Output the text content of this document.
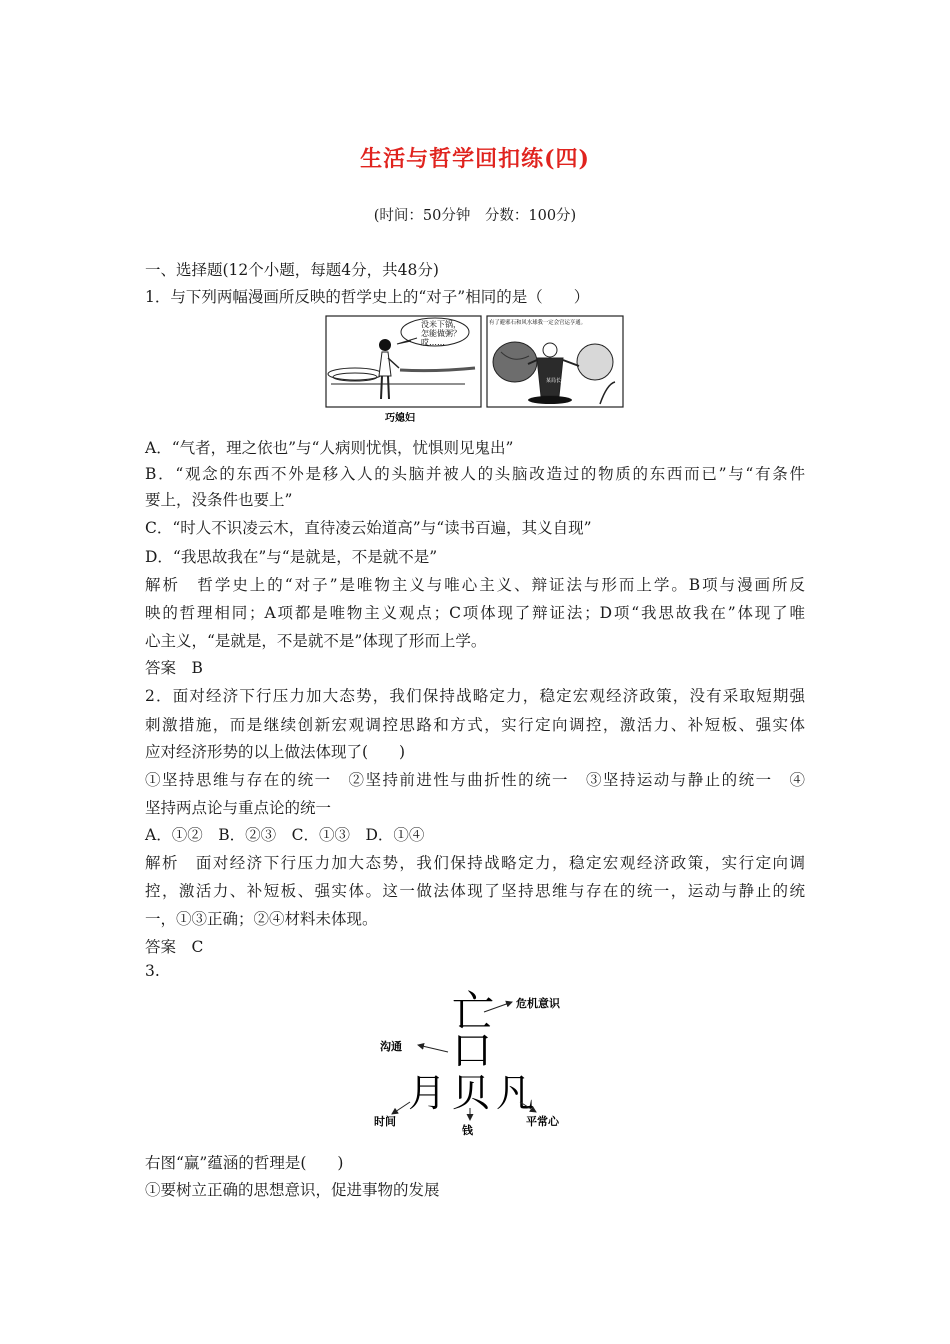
生活与哲学回扣练(四)
(时间：50分钟　分数：100分)
一、选择题(12个小题，每题4分，共48分)
1．与下列两幅漫画所反映的哲学史上的“对子”相同的是（　　）
没米下锅，
怎能做粥？
哎……
巧媳妇
有了避邪石和风水球我一定会官运亨通。
某局长
A．“气者，理之依也”与“人病则忧惧，忧惧则见鬼出”
B．“观念的东西不外是移入人的头脑并被人的头脑改造过的物质的东西而已”与“有条件
要上，没条件也要上”
C．“时人不识凌云木，直待凌云始道高”与“读书百遍，其义自现”
D．“我思故我在”与“是就是，不是就不是”
解析　哲学史上的“对子”是唯物主义与唯心主义、辩证法与形而上学。B项与漫画所反
映的哲理相同；A项都是唯物主义观点；C项体现了辩证法；D项“我思故我在”体现了唯
心主义，“是就是，不是就不是”体现了形而上学。
答案　B
2．面对经济下行压力加大态势，我们保持战略定力，稳定宏观经济政策，没有采取短期强
刺激措施，而是继续创新宏观调控思路和方式，实行定向调控，激活力、补短板、强实体
应对经济形势的以上做法体现了(　　)
①坚持思维与存在的统一　②坚持前进性与曲折性的统一　③坚持运动与静止的统一　④
坚持两点论与重点论的统一
A．①②　B．②③　C．①③　D．①④
解析　面对经济下行压力加大态势，我们保持战略定力，稳定宏观经济政策，实行定向调
控，激活力、补短板、强实体。这一做法体现了坚持思维与存在的统一，运动与静止的统
一，①③正确；②④材料未体现。
答案　C
3.
亡
口
月 贝 凡
危机意识
沟通
时间
钱
平常心
右图“赢”蕴涵的哲理是(　　)
①要树立正确的思想意识，促进事物的发展
